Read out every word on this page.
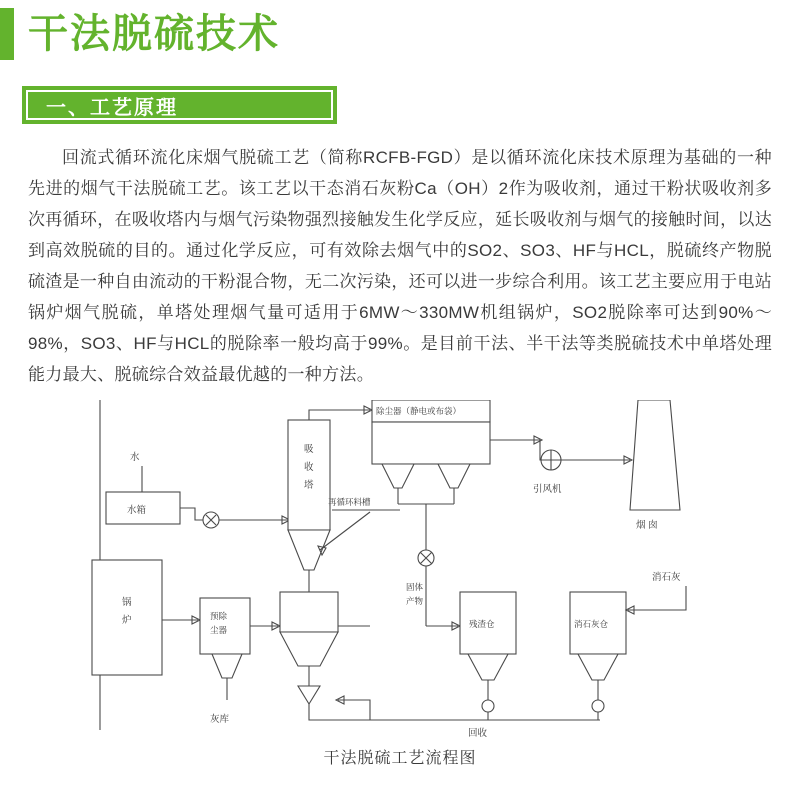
干法脱硫技术
一、工艺原理
回流式循环流化床烟气脱硫工艺（简称RCFB-FGD）是以循环流化床技术原理为基础的一种先进的烟气干法脱硫工艺。该工艺以干态消石灰粉Ca（OH）2作为吸收剂，通过干粉状吸收剂多次再循环，在吸收塔内与烟气污染物强烈接触发生化学反应，延长吸收剂与烟气的接触时间，以达到高效脱硫的目的。通过化学反应，可有效除去烟气中的SO2、SO3、HF与HCL，脱硫终产物脱硫渣是一种自由流动的干粉混合物，无二次污染，还可以进一步综合利用。该工艺主要应用于电站锅炉烟气脱硫，单塔处理烟气量可适用于6MW～330MW机组锅炉，SO2脱除率可达到90%～98%，SO3、HF与HCL的脱除率一般均高于99%。是目前干法、半干法等类脱硫技术中单塔处理能力最大、脱硫综合效益最优越的一种方法。
水
水箱
吸
收
塔
除尘器（静电或布袋）
再循环料槽
引风机
烟 囱
锅
炉	预除
尘器
灰库
固体
产物
残渣仓
回收
消石灰仓
消石灰
干法脱硫工艺流程图
